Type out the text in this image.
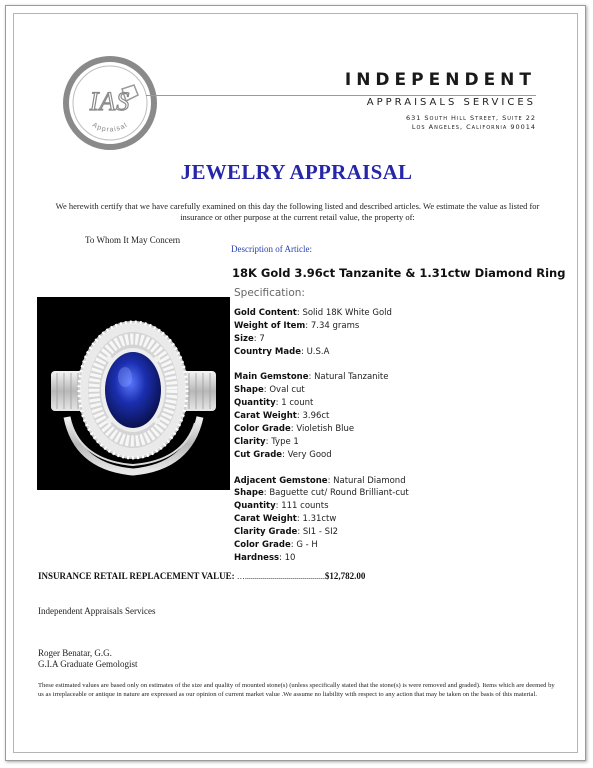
IAS
Appraisal
INDEPENDENT
APPRAISALS SERVICES
631 South Hill Street, Suite 22
Los Angeles, California 90014
JEWELRY APPRAISAL
We herewith certify that we have carefully examined on this day the following listed and described articles. We estimate the value as listed for insurance or other purpose at the current retail value, the property of:
To Whom It May Concern
Description of Article:
18K Gold 3.96ct Tanzanite & 1.31ctw Diamond Ring
Specification:
Gold Content: Solid 18K White Gold
Weight of Item: 7.34 grams
Size: 7
Country Made: U.S.A
Main Gemstone: Natural Tanzanite
Shape: Oval cut
Quantity: 1 count
Carat Weight: 3.96ct
Color Grade: Violetish Blue
Clarity: Type 1
Cut Grade: Very Good
Adjacent Gemstone: Natural Diamond
Shape: Baguette cut/ Round Brilliant-cut
Quantity: 111 counts
Carat Weight: 1.31ctw
Clarity Grade: SI1 - SI2
Color Grade: G - H
Hardness: 10
INSURANCE RETAIL REPLACEMENT VALUE: …........................................$12,782.00
Independent Appraisals Services
Roger Benatar, G.G.
G.I.A Graduate Gemologist
These estimated values are based only on estimates of the size and quality of mounted stone(s) (unless specifically stated that the stone(s) is were removed and graded). Items which are deemed by us as irreplaceable or antique in nature are expressed as our opinion of current market value .We assume no liability with respect to any action that may be taken on the basis of this material.
